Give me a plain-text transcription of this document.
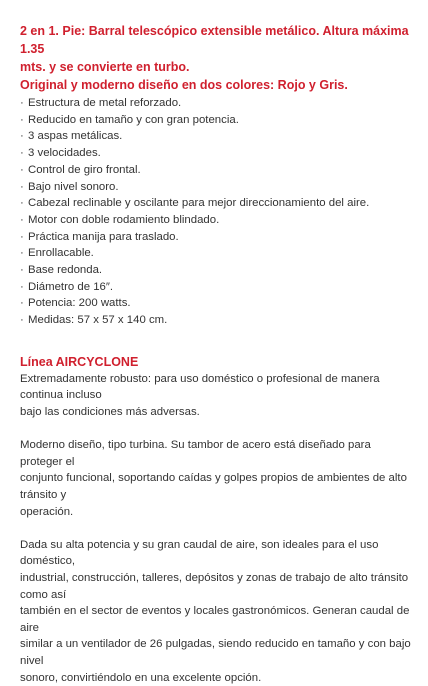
2 en 1. Pie: Barral telescópico extensible metálico. Altura máxima 1.35

mts. y se convierte en turbo.

Original y moderno diseño en dos colores: Rojo y Gris.

· Estructura de metal reforzado.
· Reducido en tamaño y con gran potencia.
· 3 aspas metálicas.
· 3 velocidades.
· Control de giro frontal.
· Bajo nivel sonoro.
· Cabezal reclinable y oscilante para mejor direccionamiento del aire.
· Motor con doble rodamiento blindado.
· Práctica manija para traslado.
· Enrollacable.
· Base redonda.
· Diámetro de 16″.
· Potencia: 200 watts.
· Medidas: 57 x 57 x 140 cm.
Línea AIRCYCLONE
Extremadamente robusto: para uso doméstico o profesional de manera continua incluso
bajo las condiciones más adversas.
Moderno diseño, tipo turbina. Su tambor de acero está diseñado para proteger el
conjunto funcional, soportando caídas y golpes propios de ambientes de alto tránsito y
operación.
Dada su alta potencia y su gran caudal de aire, son ideales para el uso doméstico,
industrial, construcción, talleres, depósitos y zonas de trabajo de alto tránsito como así
también en el sector de eventos y locales gastronómicos. Generan caudal de aire
similar a un ventilador de 26 pulgadas, siendo reducido en tamaño y con bajo nivel
sonoro, convirtiéndolo en una excelente opción.
